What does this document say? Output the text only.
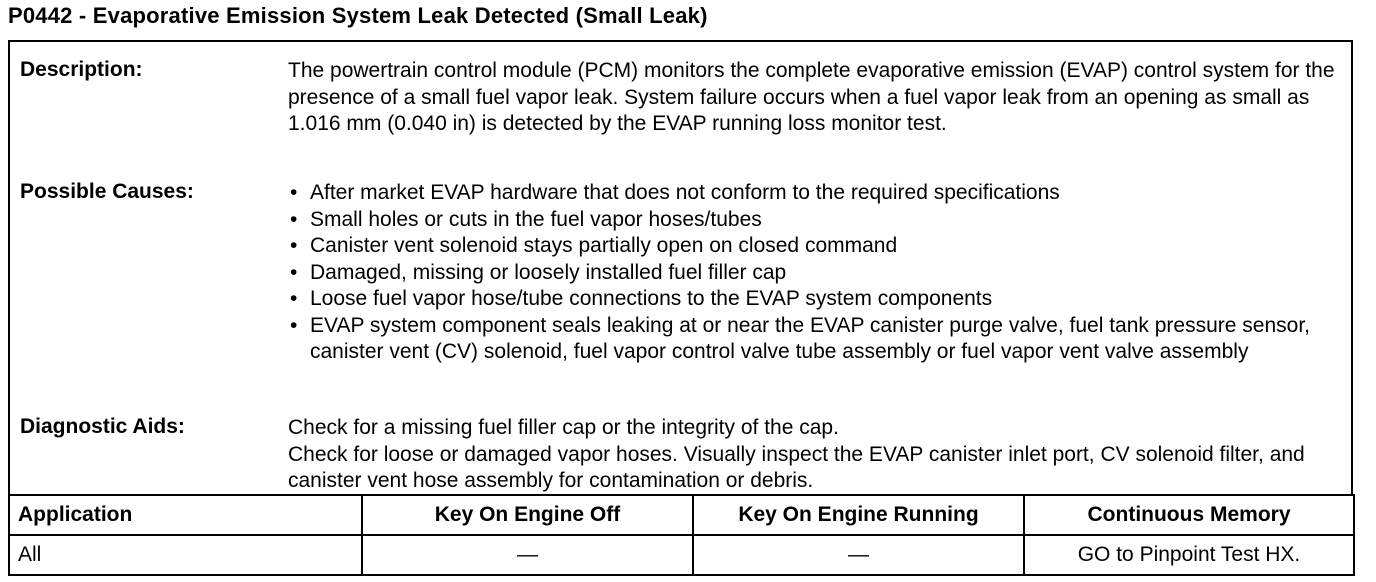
P0442 - Evaporative Emission System Leak Detected (Small Leak)
Description:	The powertrain control module (PCM) monitors the complete evaporative emission (EVAP) control system for the presence of a small fuel vapor leak. System failure occurs when a fuel vapor leak from an opening as small as 1.016 mm (0.040 in) is detected by the EVAP running loss monitor test.

Possible Causes:	• After market EVAP hardware that does not conform to the required specifications
• Small holes or cuts in the fuel vapor hoses/tubes
• Canister vent solenoid stays partially open on closed command
• Damaged, missing or loosely installed fuel filler cap
• Loose fuel vapor hose/tube connections to the EVAP system components
• EVAP system component seals leaking at or near the EVAP canister purge valve, fuel tank pressure sensor, canister vent (CV) solenoid, fuel vapor control valve tube assembly or fuel vapor vent valve assembly
Diagnostic Aids:	Check for a missing fuel filler cap or the integrity of the cap.

Check for loose or damaged vapor hoses. Visually inspect the EVAP canister inlet port, CV solenoid filter, and canister vent hose assembly for contamination or debris.

Application	Key On Engine Off	Key On Engine Running	Continuous Memory
All	—	—	GO to Pinpoint Test HX.
